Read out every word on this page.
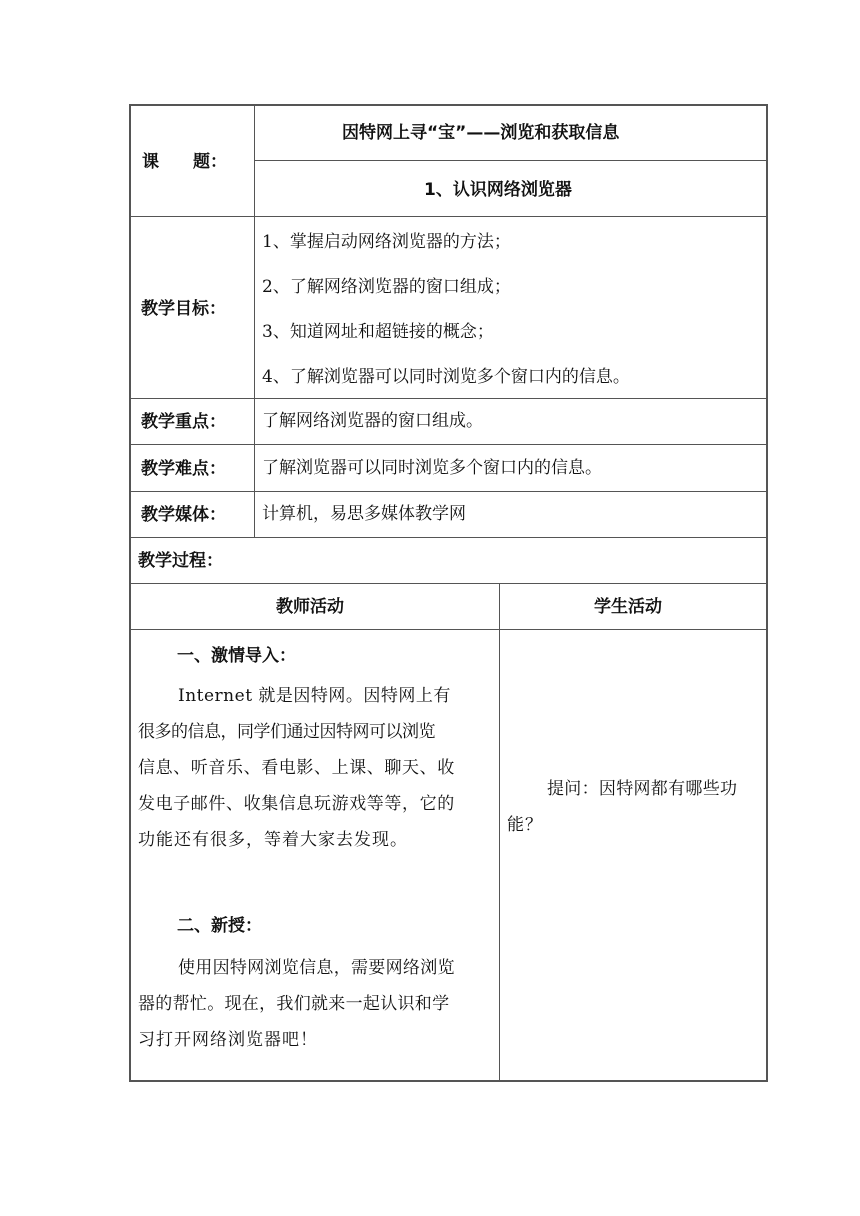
课　　题：
因特网上寻“宝”——浏览和获取信息
1、认识网络浏览器
教学目标：
1、掌握启动网络浏览器的方法；
2、了解网络浏览器的窗口组成；
3、知道网址和超链接的概念；
4、了解浏览器可以同时浏览多个窗口内的信息。
教学重点： 了解网络浏览器的窗口组成。
教学难点： 了解浏览器可以同时浏览多个窗口内的信息。
教学媒体： 计算机，易思多媒体教学网
教学过程：
教师活动	学生活动
一、激情导入：
Internet 就是因特网。因特网上有
很多的信息，同学们通过因特网可以浏览
信息、听音乐、看电影、上课、聊天、收
发电子邮件、收集信息玩游戏等等，它的
功能还有很多，等着大家去发现。
二、新授：
使用因特网浏览信息，需要网络浏览
器的帮忙。现在，我们就来一起认识和学
习打开网络浏览器吧！
提问：因特网都有哪些功
能？
